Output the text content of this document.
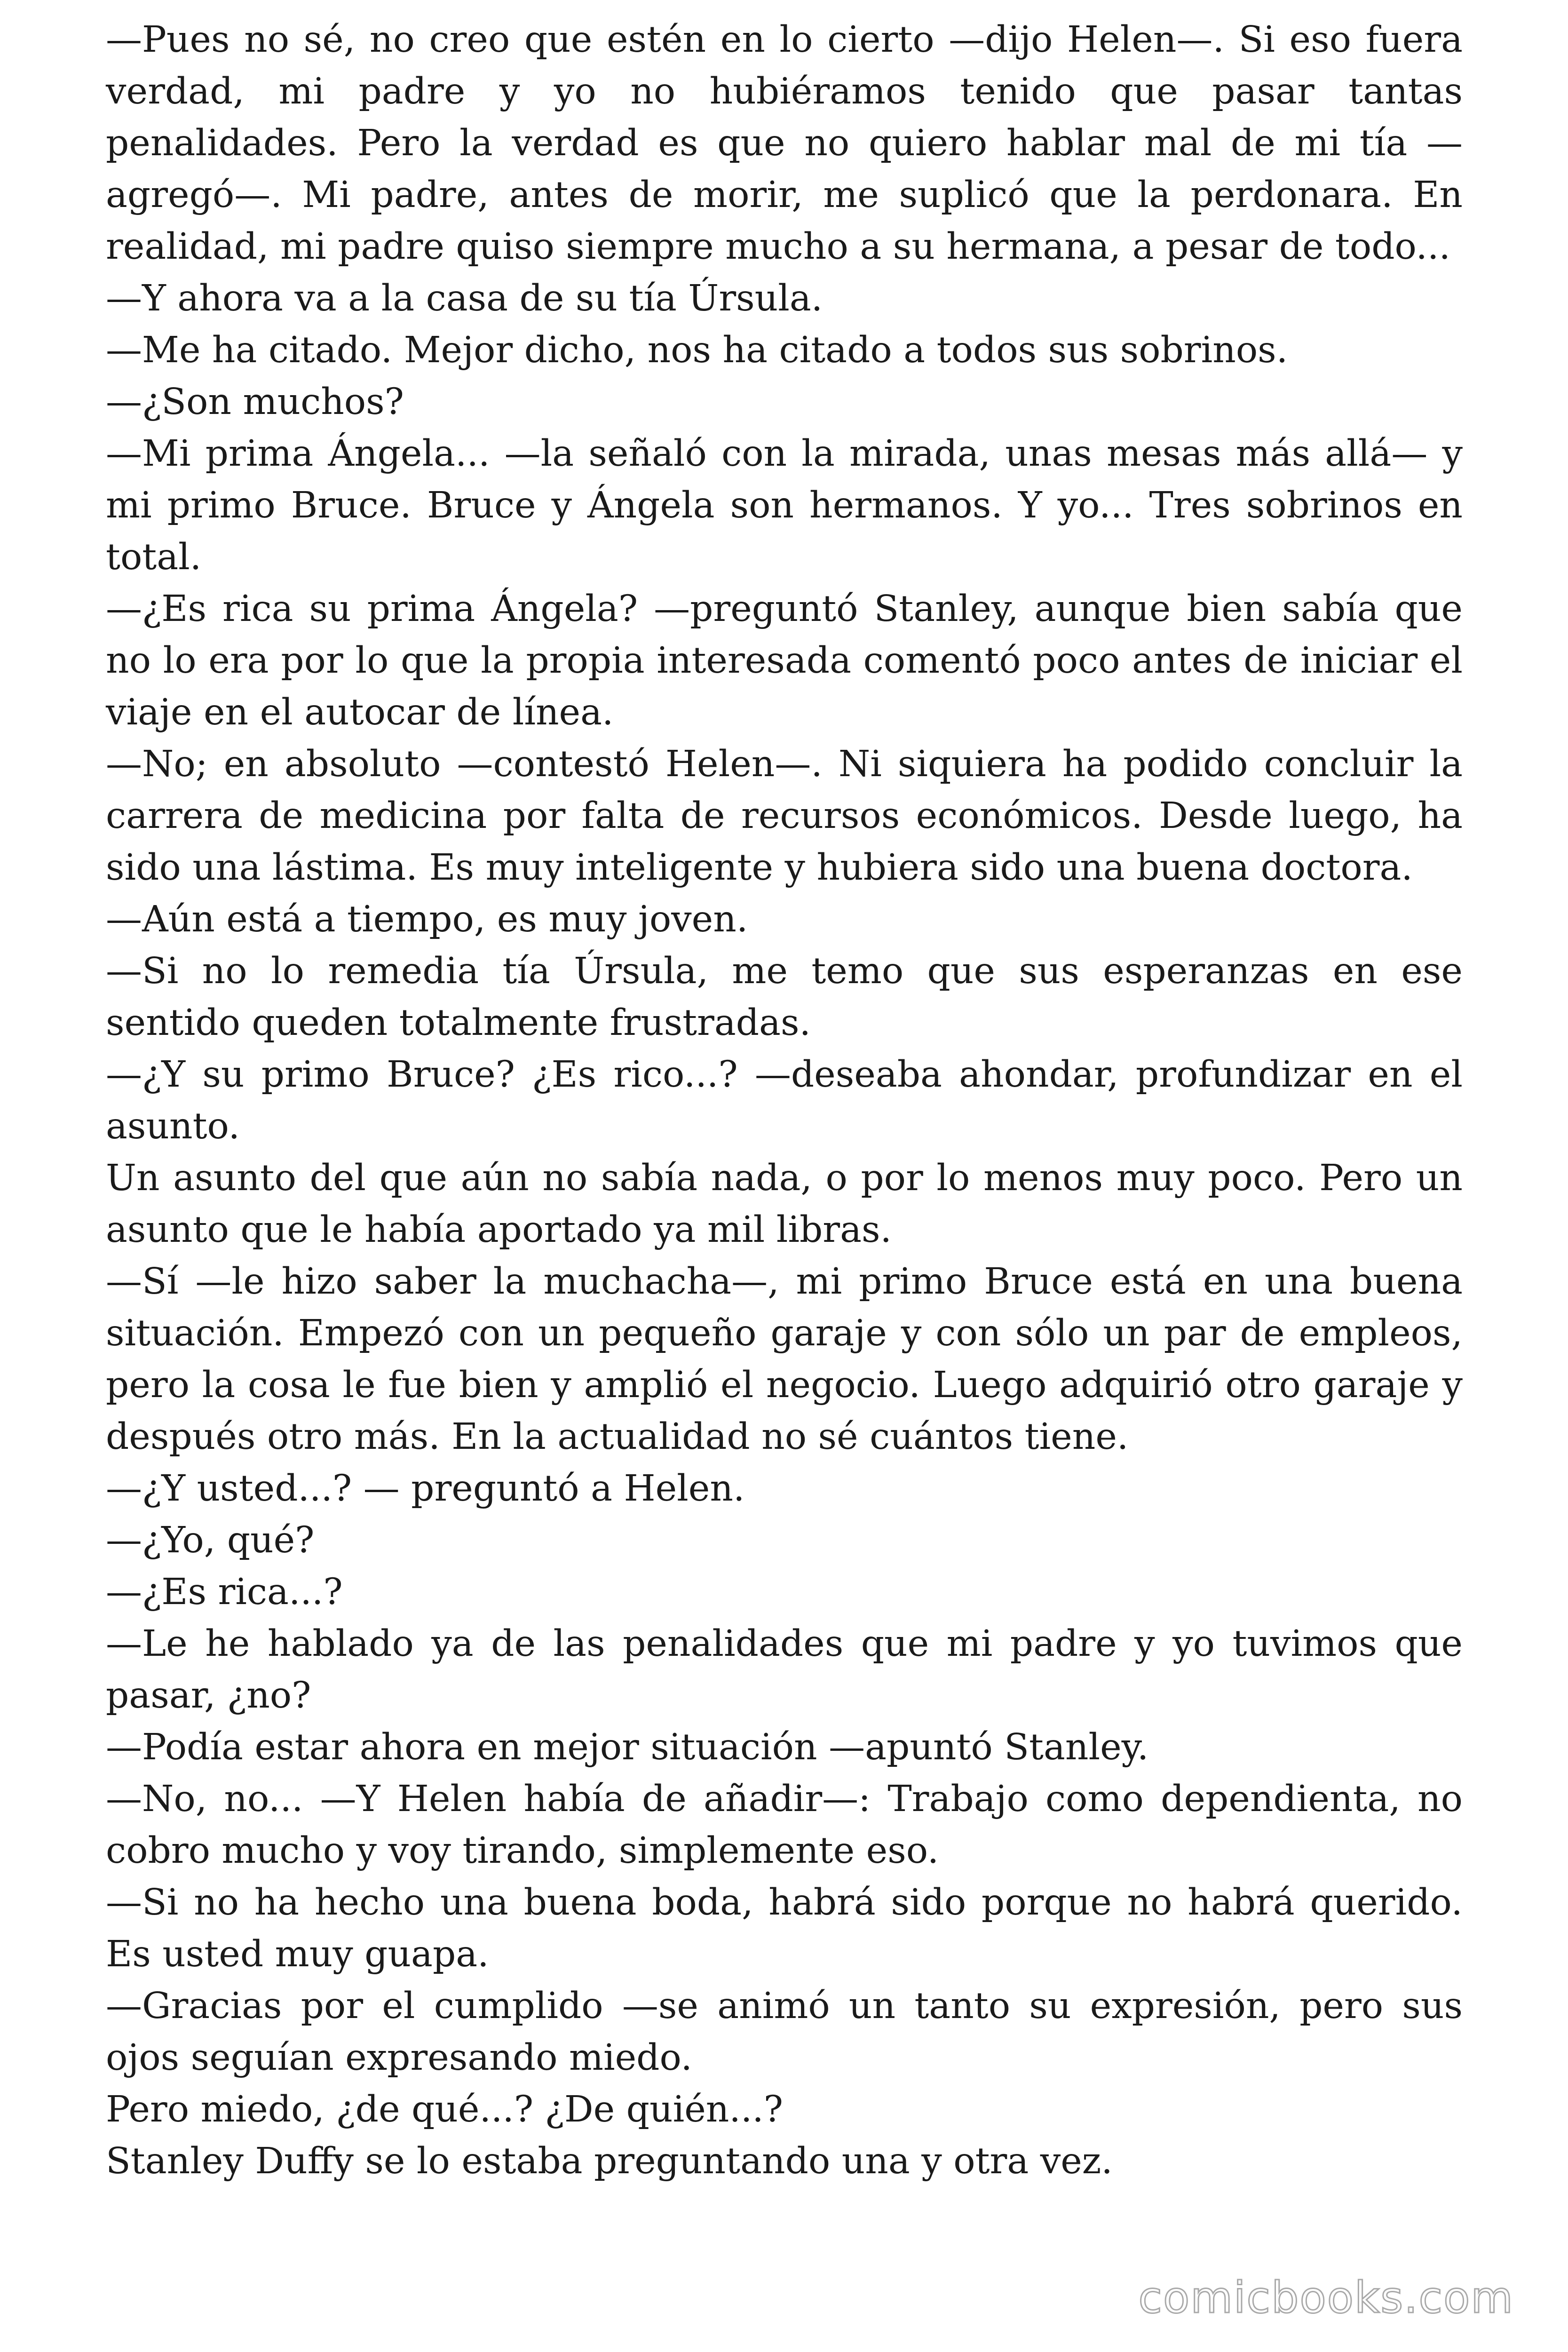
—Pues no sé, no creo que estén en lo cierto —dijo Helen—. Si eso fuera verdad, mi padre y yo no hubiéramos tenido que pasar tantas penalidades. Pero la verdad es que no quiero hablar mal de mi tía —agregó—. Mi padre, antes de morir, me suplicó que la perdonara. En realidad, mi padre quiso siempre mucho a su hermana, a pesar de todo...

—Y ahora va a la casa de su tía Úrsula.

—Me ha citado. Mejor dicho, nos ha citado a todos sus sobrinos.

—¿Son muchos?

—Mi prima Ángela... —la señaló con la mirada, unas mesas más allá— y mi primo Bruce. Bruce y Ángela son hermanos. Y yo... Tres sobrinos en total.

—¿Es rica su prima Ángela? —preguntó Stanley, aunque bien sabía que no lo era por lo que la propia interesada comentó poco antes de iniciar el viaje en el autocar de línea.

—No; en absoluto —contestó Helen—. Ni siquiera ha podido concluir la carrera de medicina por falta de recursos económicos. Desde luego, ha sido una lástima. Es muy inteligente y hubiera sido una buena doctora.

—Aún está a tiempo, es muy joven.

—Si no lo remedia tía Úrsula, me temo que sus esperanzas en ese sentido queden totalmente frustradas.

—¿Y su primo Bruce? ¿Es rico...? —deseaba ahondar, profundizar en el asunto.

Un asunto del que aún no sabía nada, o por lo menos muy poco. Pero un asunto que le había aportado ya mil libras.

—Sí —le hizo saber la muchacha—, mi primo Bruce está en una buena situación. Empezó con un pequeño garaje y con sólo un par de empleos, pero la cosa le fue bien y amplió el negocio. Luego adquirió otro garaje y después otro más. En la actualidad no sé cuántos tiene.

—¿Y usted...? — preguntó a Helen.

—¿Yo, qué?

—¿Es rica...?

—Le he hablado ya de las penalidades que mi padre y yo tuvimos que pasar, ¿no?

—Podía estar ahora en mejor situación —apuntó Stanley.

—No, no... —Y Helen había de añadir—: Trabajo como dependienta, no cobro mucho y voy tirando, simplemente eso.

—Si no ha hecho una buena boda, habrá sido porque no habrá querido. Es usted muy guapa.

—Gracias por el cumplido —se animó un tanto su expresión, pero sus ojos seguían expresando miedo.

Pero miedo, ¿de qué...? ¿De quién...?

Stanley Duffy se lo estaba preguntando una y otra vez.

comicbooks.com
